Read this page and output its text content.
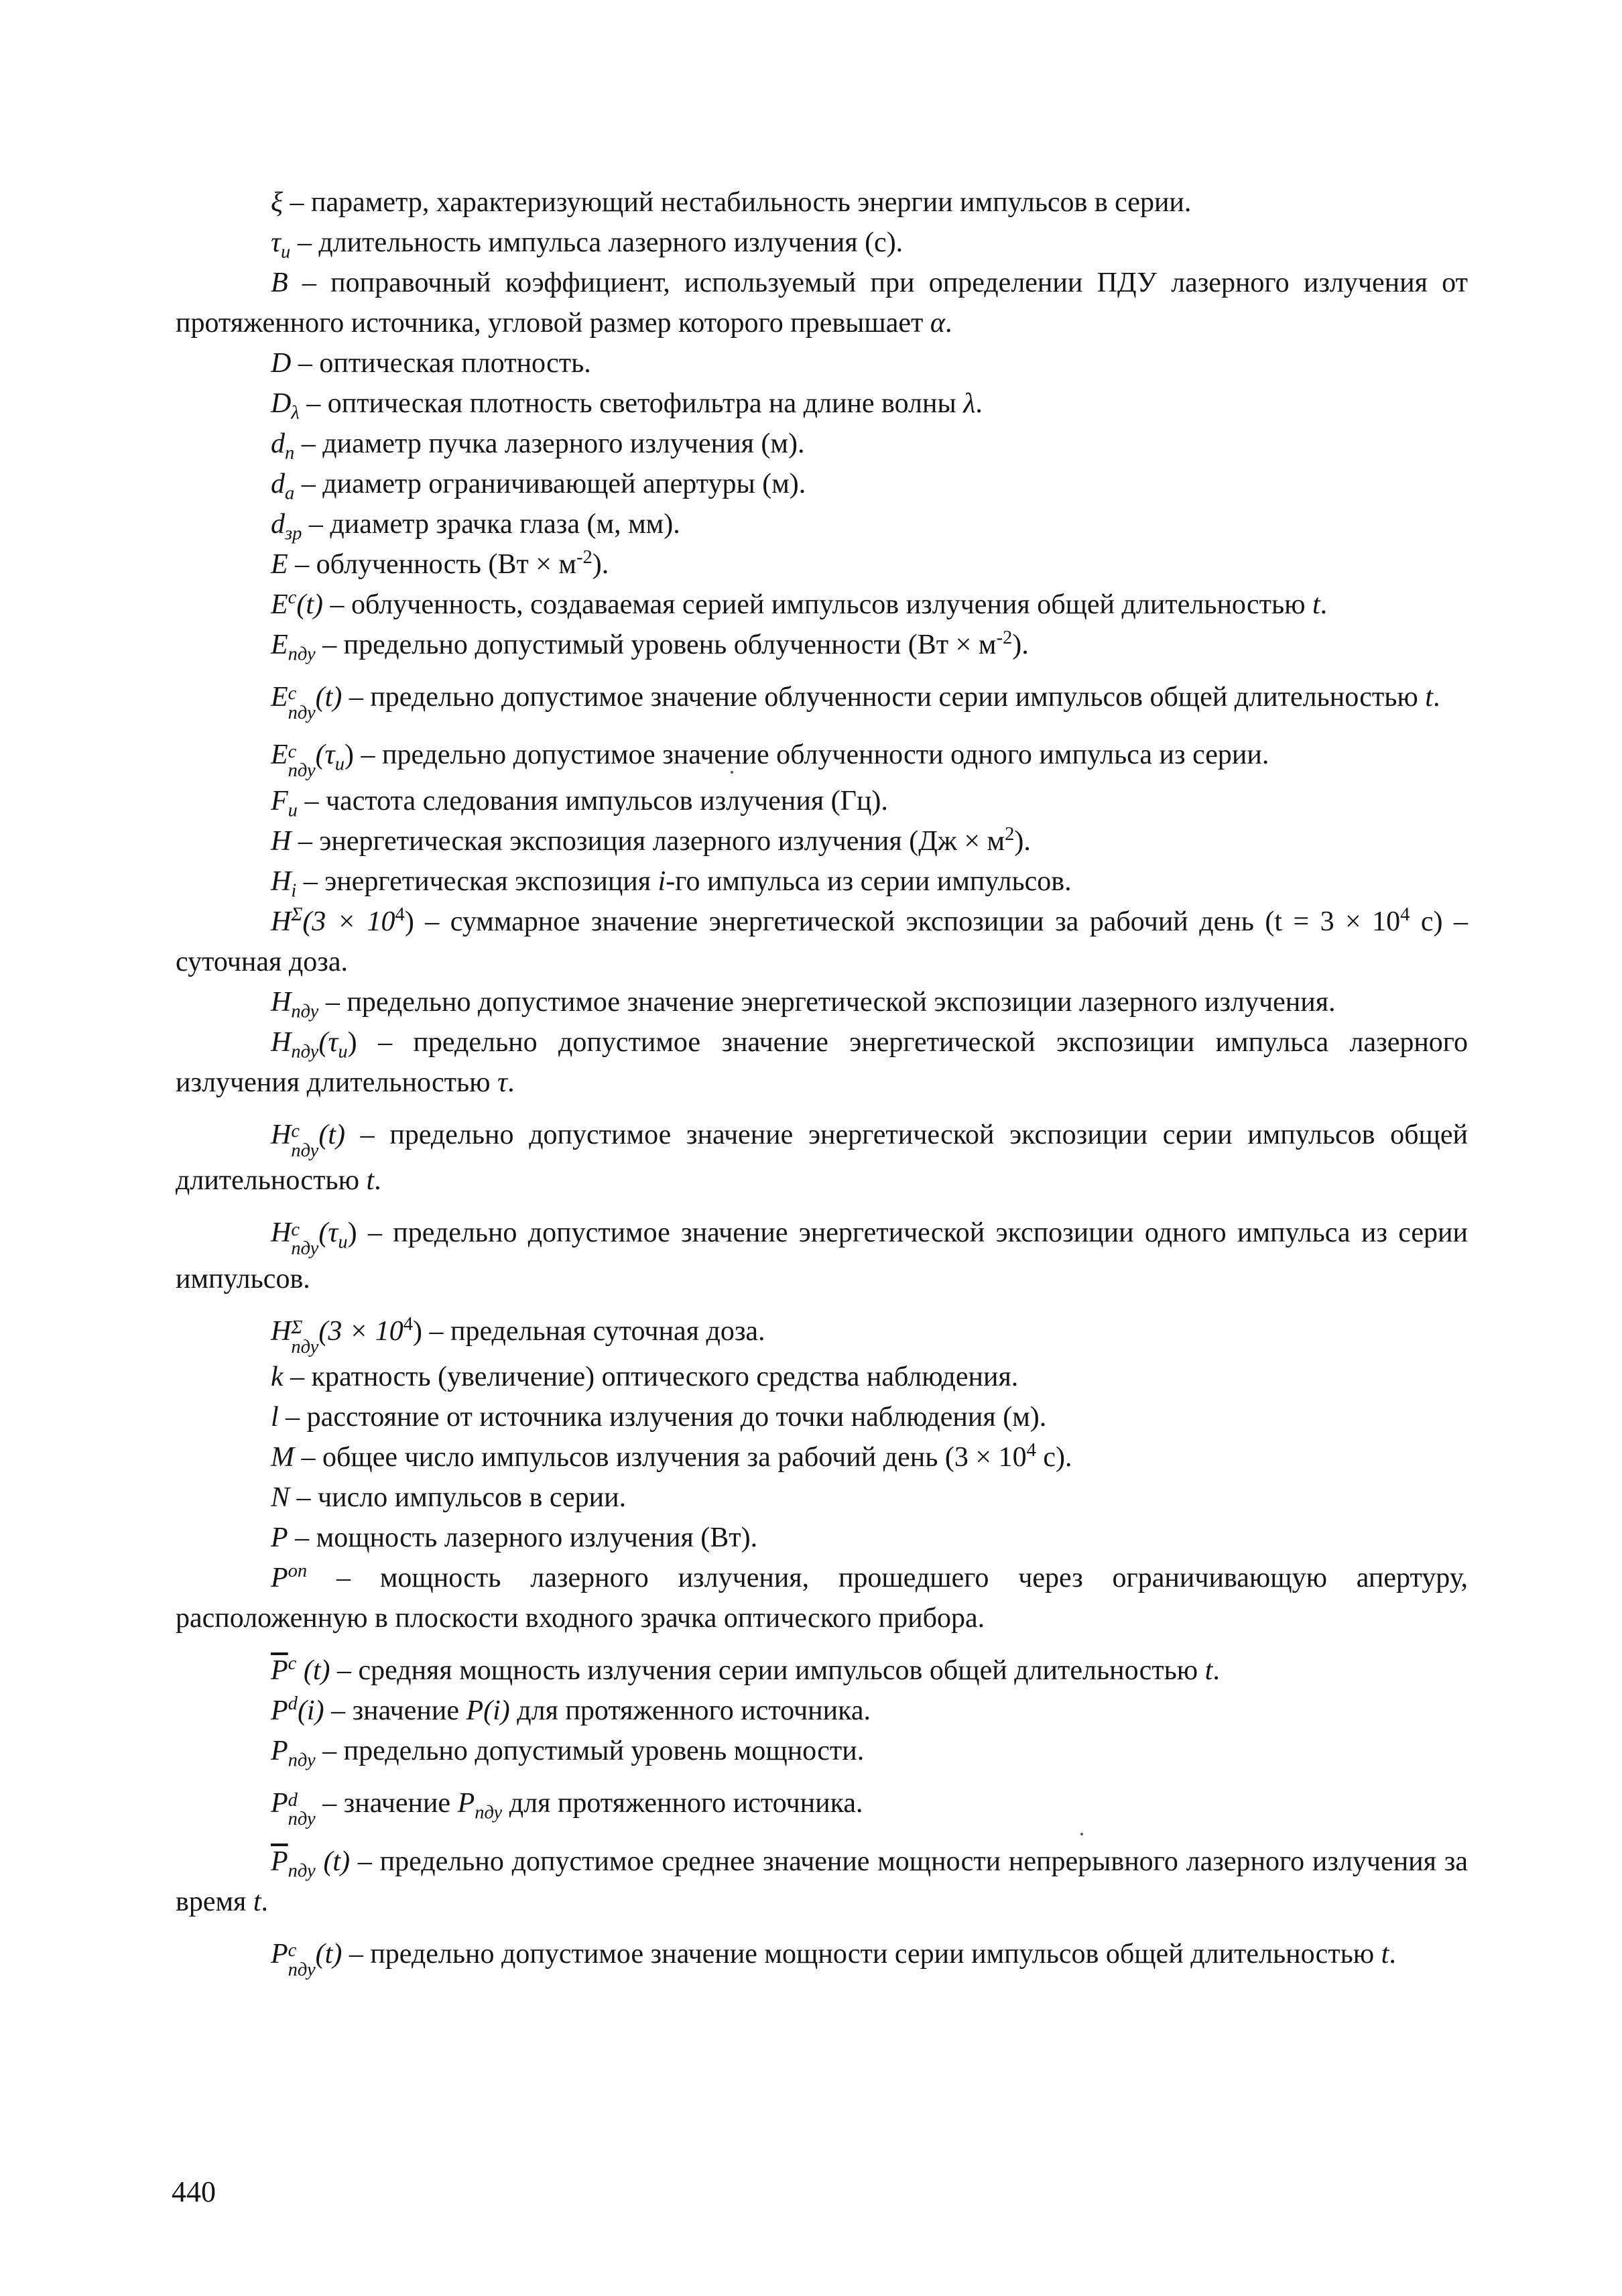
ξ – параметр, характеризующий нестабильность энергии импульсов в серии.

$\tau_и$ – длительность импульса лазерного излучения (с).

B – поправочный коэффициент, используемый при определении ПДУ лазерного излучения от протяженного источника, угловой размер которого превышает α.

D – оптическая плотность.

$D_\lambda$ – оптическая плотность светофильтра на длине волны λ.

$d_п$ – диаметр пучка лазерного излучения (м).

$d_a$ – диаметр ограничивающей апертуры (м).

$d_{зр}$ – диаметр зрачка глаза (м, мм).

E – облученность $(Вт \times м^{-2})$.

$E^c(t)$ – облученность, создаваемая серией импульсов излучения общей длительностью t.

$E_{пду}$ – предельно допустимый уровень облученности $(Вт \times м^{-2})$.

E c
пду
(t) – предельно допустимое значение облученности серии импульсов общей длительностью t.

E c
пду
$(\tau_и)$ – предельно допустимое значение облученности одного импульса из серии.

$F_и$ – частота следования импульсов излучения (Гц).

H – энергетическая экспозиция лазерного излучения $(Дж \times м^2)$.

$H_i$ – энергетическая экспозиция i-го импульса из серии импульсов.

$H^\Sigma(3 \times 10^4)$ – суммарное значение энергетической экспозиции за рабочий день ($t = 3 \times 10^4$ с) – суточная доза.

$H_{пду}$ – предельно допустимое значение энергетической экспозиции лазерного излучения.

$H_{пду}(\tau_и)$ – предельно допустимое значение энергетической экспозиции импульса лазерного излучения длительностью τ.

H c
пду
(t) – предельно допустимое значение энергетической экспозиции серии импульсов общей длительностью t.

H c
пду
$(\tau_и)$ – предельно допустимое значение энергетической экспозиции одного импульса из серии импульсов.

H Σ
пду
$(3 \times 10^4)$ – предельная суточная доза.

k – кратность (увеличение) оптического средства наблюдения.

l – расстояние от источника излучения до точки наблюдения (м).

M – общее число импульсов излучения за рабочий день ($3 \times 10^4$ с).

N – число импульсов в серии.

P – мощность лазерного излучения (Вт).

$P^{оп}$ – мощность лазерного излучения, прошедшего через ограничивающую апертуру, расположенную в плоскости входного зрачка оптического прибора.

$\overline{P}^c$ (t) – средняя мощность излучения серии импульсов общей длительностью t.

$P^d(i)$ – значение P(i) для протяженного источника.

$P_{пду}$ – предельно допустимый уровень мощности.

P d
пду
– значение $P_{пду}$ для протяженного источника.

$\overline{P}_{пду}$ (t) – предельно допустимое среднее значение мощности непрерывного лазерного излучения за время t.

P c
пду
(t) – предельно допустимое значение мощности серии импульсов общей длительностью t.

440
